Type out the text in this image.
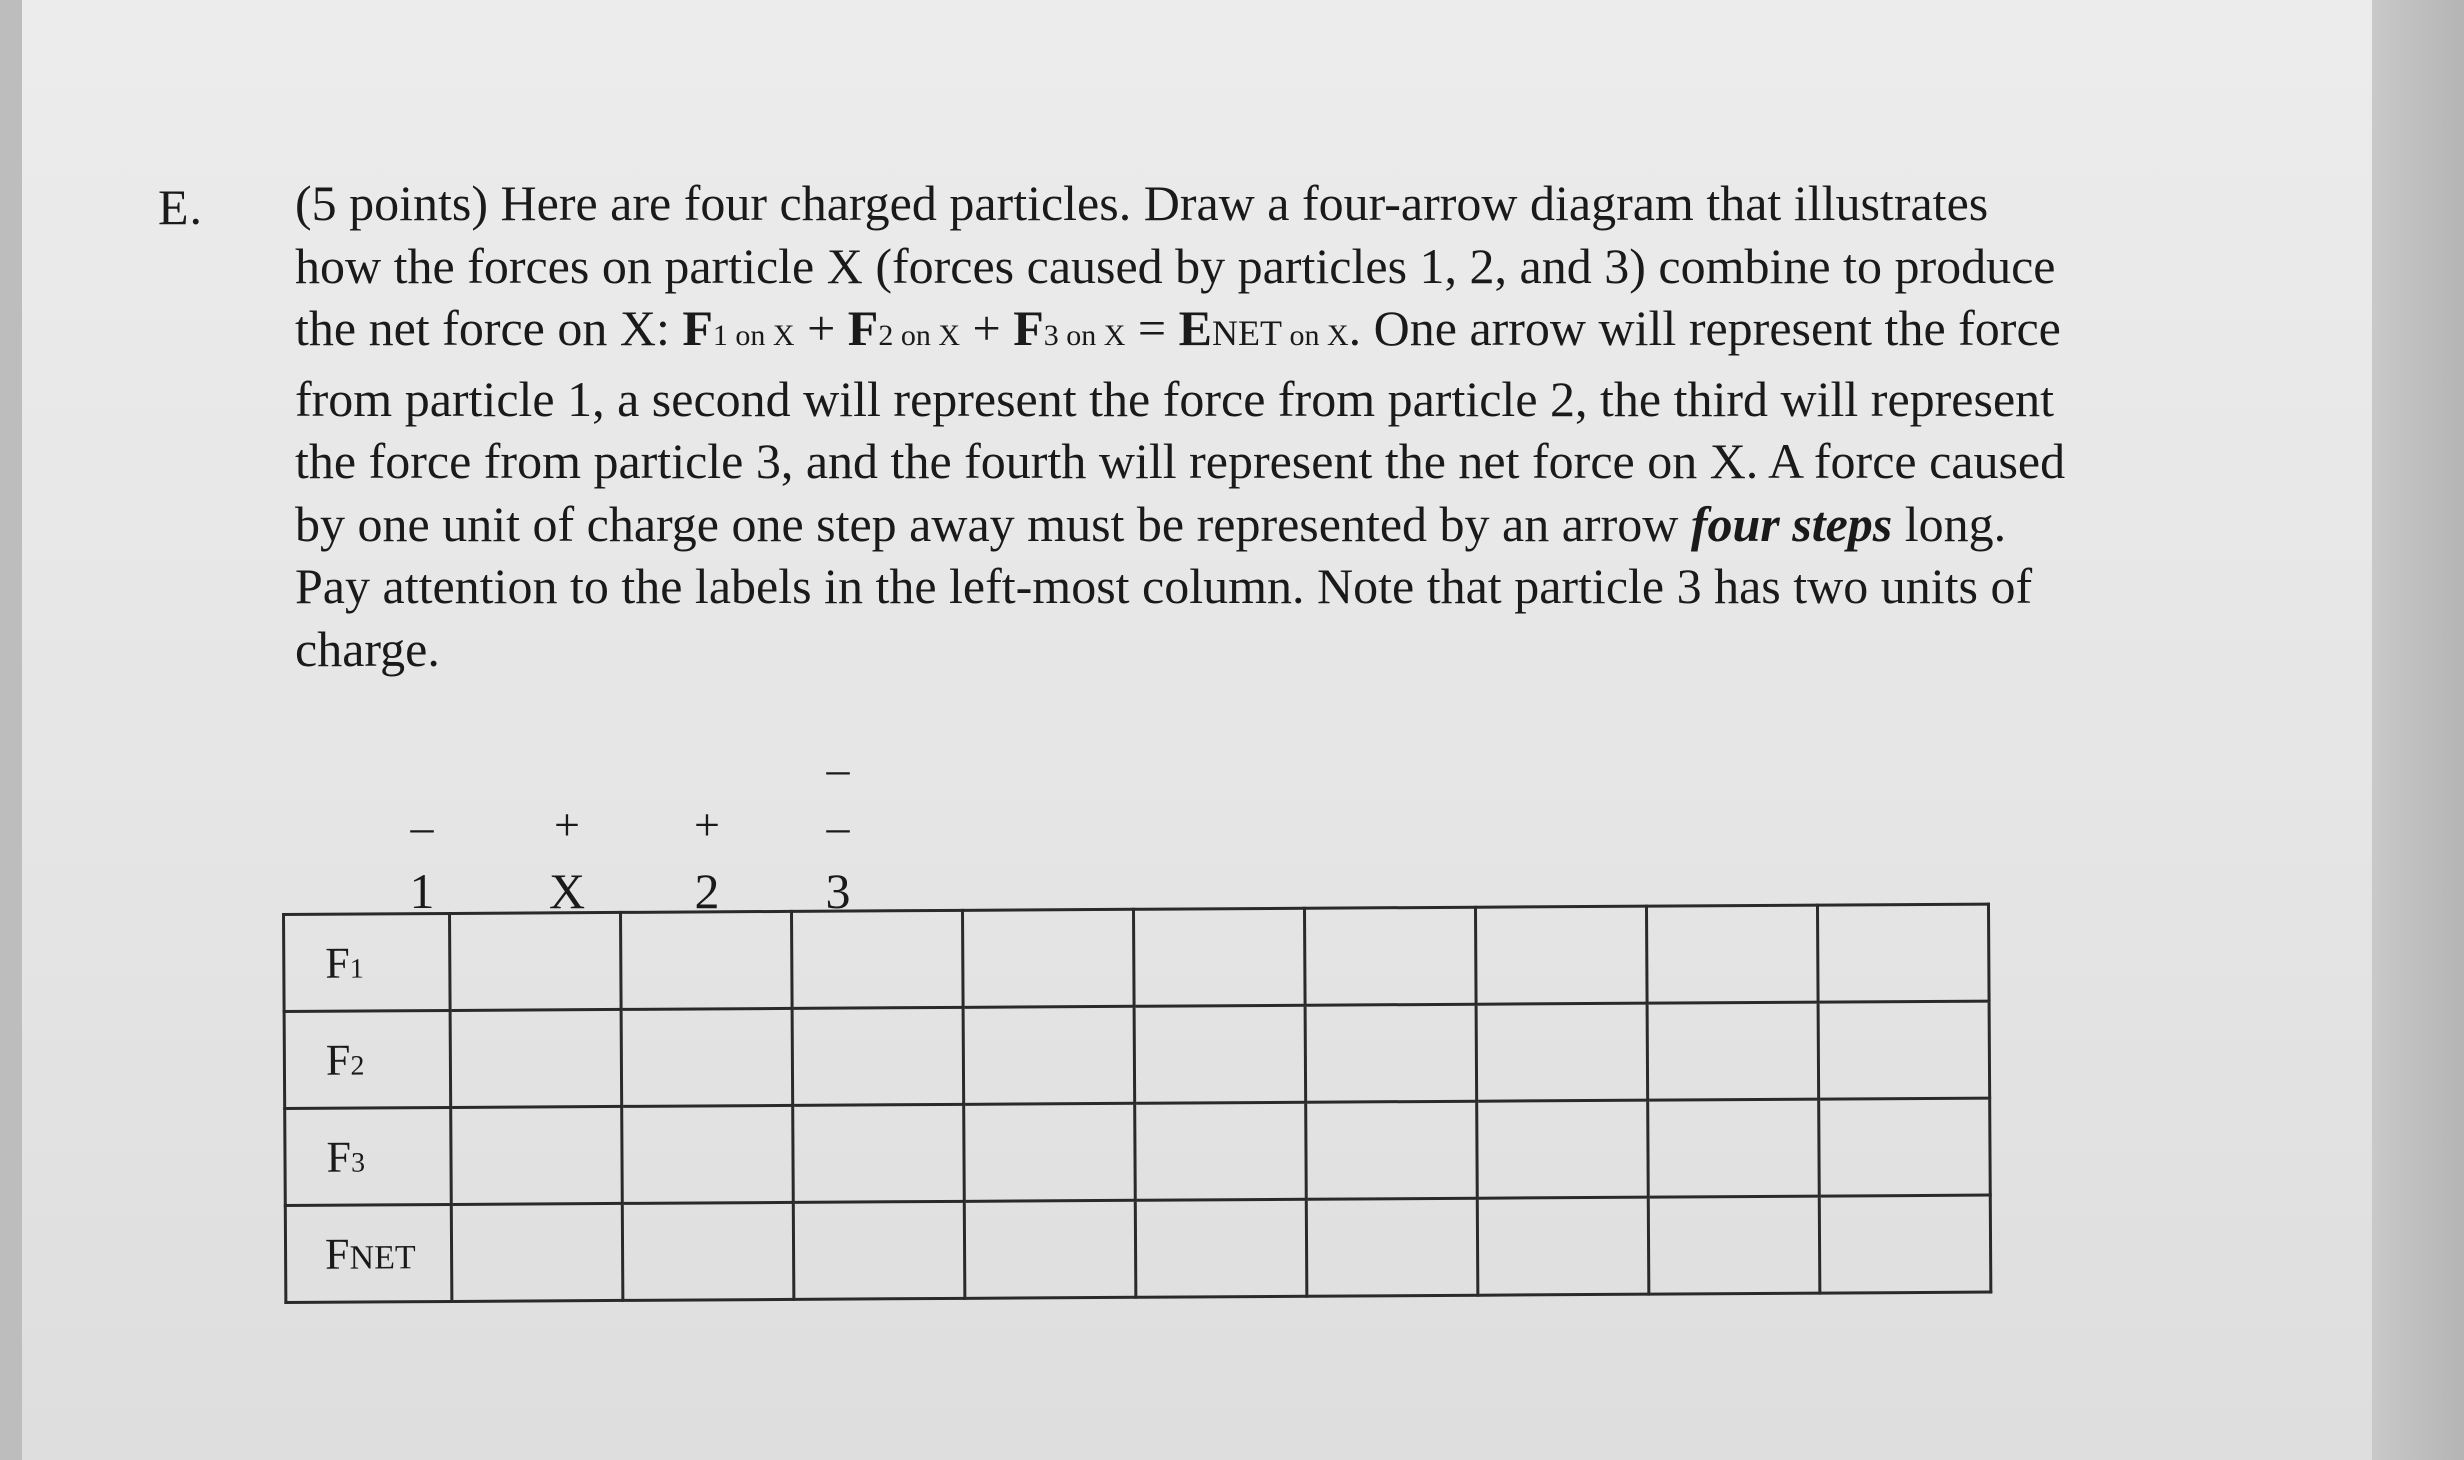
E. (5 points) Here are four charged particles. Draw a four-arrow diagram that illustrates
how the forces on particle X (forces caused by particles 1, 2, and 3) combine to produce
the net force on X: F1 on X + F2 on X + F3 on X = ENET on X. One arrow will represent the force
from particle 1, a second will represent the force from particle 2, the third will represent
the force from particle 3, and the fourth will represent the net force on X. A force caused
by one unit of charge one step away must be represented by an arrow four steps long.
Pay attention to the labels in the left-most column. Note that particle 3 has two units of
charge.
–
1
+
X
+
2
–
–
3
F1									
F2									
F3									
FNET									
